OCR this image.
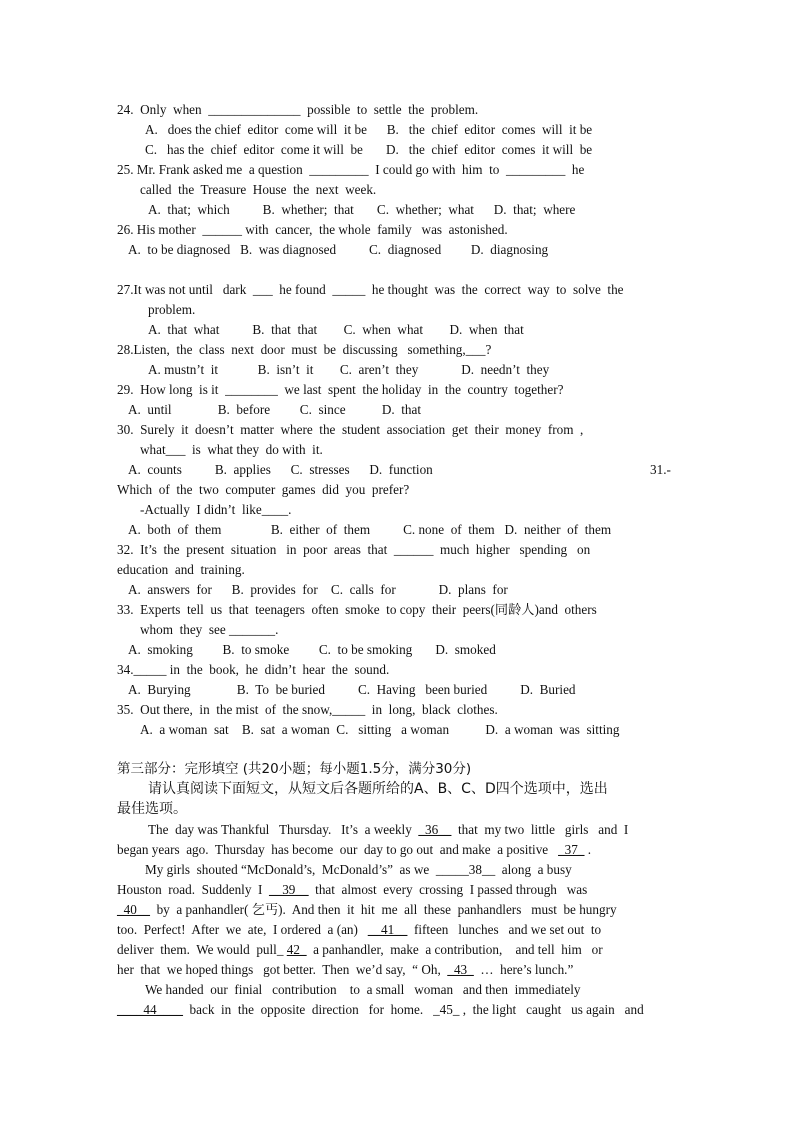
24.  Only  when  ______________  possible  to  settle  the  problem.
A.   does the chief  editor  come will  it be      B.   the  chief  editor  comes  will  it be
C.   has the  chief  editor  come it will  be       D.   the  chief  editor  comes  it will  be
25. Mr. Frank asked me  a question  _________  I could go with  him  to  _________  he
called  the  Treasure  House  the  next  week.
A.  that;  which          B.  whether;  that       C.  whether;  what      D.  that;  where
26. His mother  ______ with  cancer,  the whole  family   was  astonished.
A.  to be diagnosed   B.  was diagnosed          C.  diagnosed         D.  diagnosing
27.It was not until   dark  ___  he found  _____  he thought  was  the  correct  way  to  solve  the
problem.
A.  that  what          B.  that  that        C.  when  what        D.  when  that
28.Listen,  the  class  next  door  must  be  discussing   something,___?
A. mustn’t  it            B.  isn’t  it        C.  aren’t  they             D.  needn’t  they
29.  How long  is it  ________  we last  spent  the holiday  in  the  country  together?
A.  until              B.  before         C.  since           D.  that
30.  Surely  it  doesn’t  matter  where  the  student  association  get  their  money  from  ,
what___  is  what they  do with  it.
A.  counts          B.  applies      C.  stresses      D.  function	31.-
Which  of  the  two  computer  games  did  you  prefer?
-Actually  I didn’t  like____.
A.  both  of  them               B.  either  of  them          C. none  of  them   D.  neither  of  them
32.  It’s  the  present  situation   in  poor  areas  that  ______  much  higher   spending   on
education  and  training.
A.  answers  for      B.  provides  for    C.  calls  for             D.  plans  for
33.  Experts  tell  us  that  teenagers  often  smoke  to copy  their  peers(同龄人)and  others
whom  they  see _______.
A.  smoking         B.  to smoke         C.  to be smoking       D.  smoked
34._____ in  the  book,  he  didn’t  hear  the  sound.
A.  Burying              B.  To  be buried          C.  Having   been buried          D.  Buried
35.  Out there,  in  the mist  of  the snow,_____  in  long,  black  clothes.
A.  a woman  sat    B.  sat  a woman  C.   sitting   a woman           D.  a woman  was  sitting
第三部分：完形填空 (共20小题；每小题1.5分，满分30分)
请认真阅读下面短文，从短文后各题所给的A、B、C、D四个选项中，选出
最佳选项。
The  day was Thankful   Thursday.   It’s  a weekly  _36__  that  my two  little   girls   and  I
began years  ago.  Thursday  has become  our  day to go out  and make  a positive   _37_ .
My girls  shouted “McDonald’s,  McDonald’s”  as we  _____38__  along  a busy
Houston  road.  Suddenly  I  __39__  that  almost  every  crossing  I passed through   was
_40__  by  a panhandler( 乞丐).  And then  it  hit  me  all  these  panhandlers   must  be hungry
too.  Perfect!  After  we  ate,  I ordered  a (an)   __41__  fifteen   lunches   and we set out  to
deliver  them.  We would  pull_ 42_  a panhandler,  make  a contribution,    and tell  him   or
her  that  we hoped things   got better.  Then  we’d say,  “ Oh,  _43_  …  here’s lunch.”
We handed  our  finial   contribution    to  a small   woman   and then  immediately
____44____  back  in  the  opposite  direction   for  home.   _45_ ,  the light   caught   us again   and
